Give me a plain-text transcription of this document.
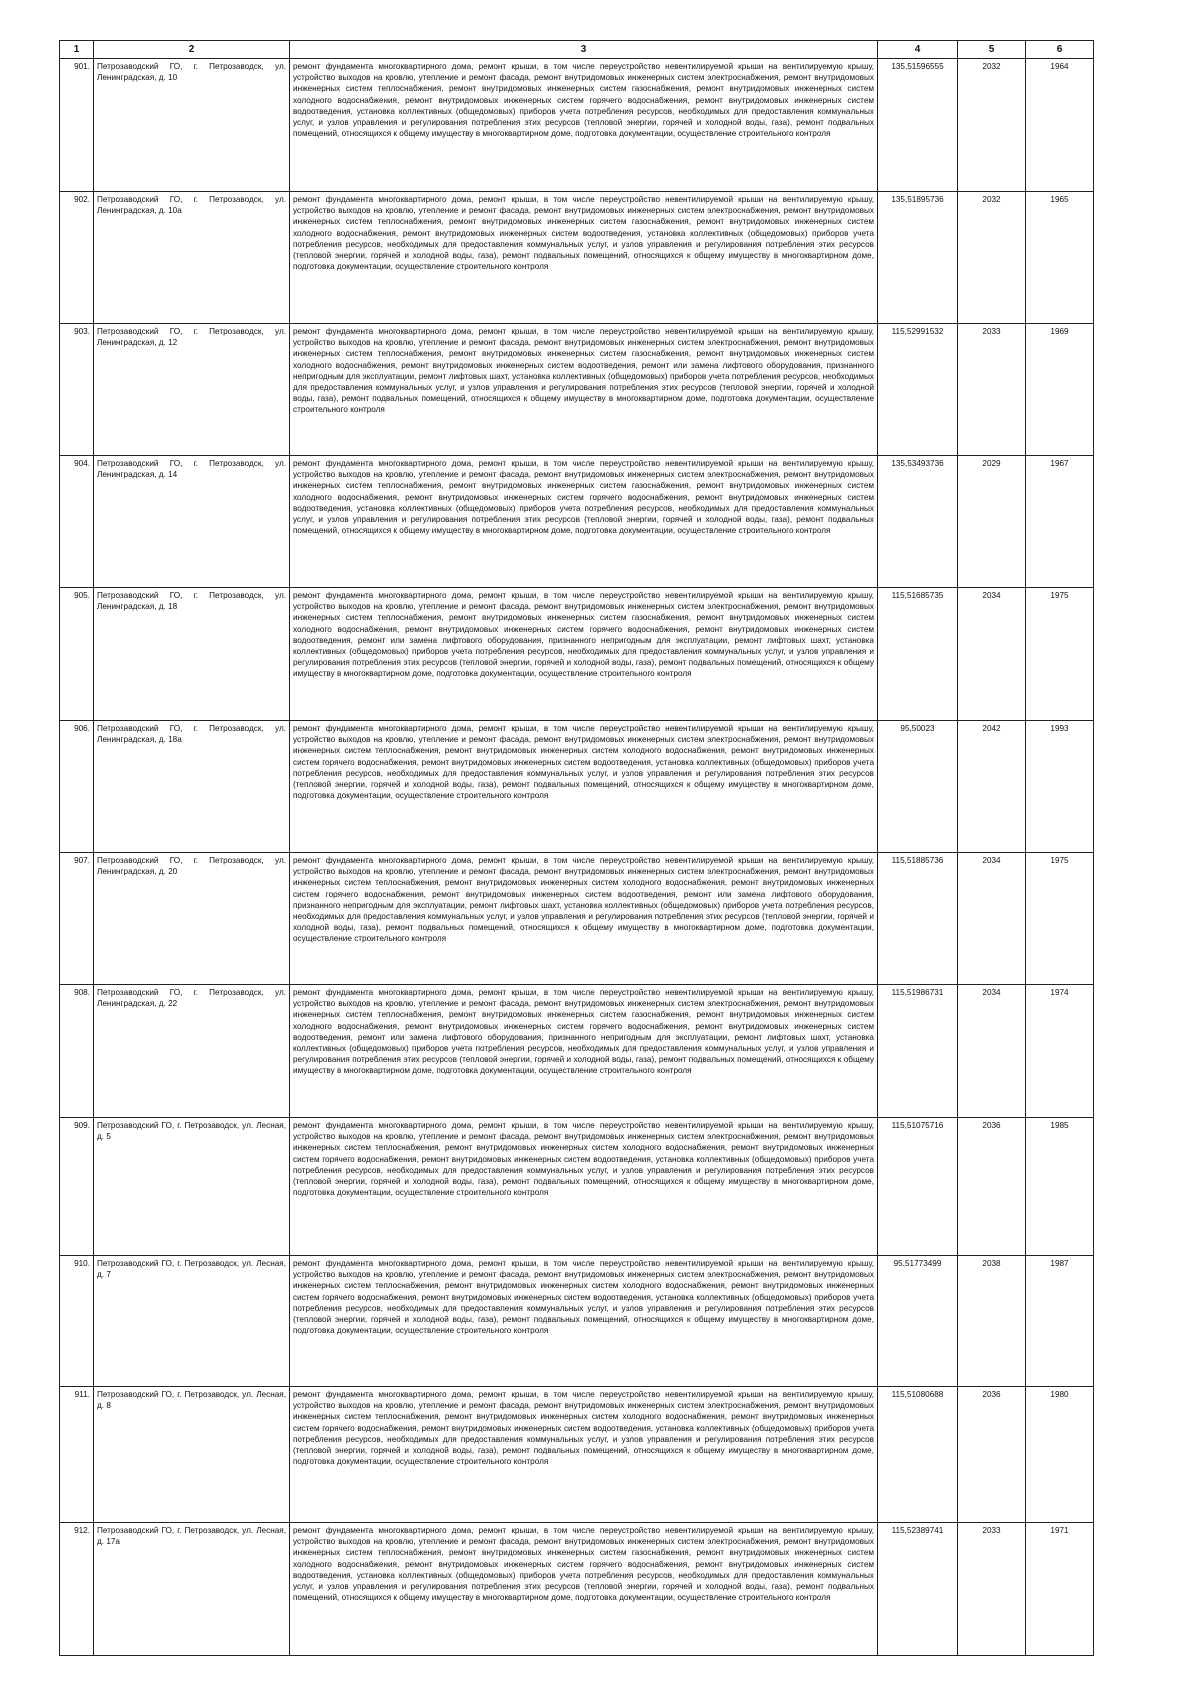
1	2	3	4	5	6
901.	Петрозаводский ГО, г. Петрозаводск, ул. Ленинградская, д. 10	ремонт фундамента многоквартирного дома, ремонт крыши, в том числе переустройство невентилируемой крыши на вентилируемую крышу, устройство выходов на кровлю, утепление и ремонт фасада, ремонт внутридомовых инженерных систем электроснабжения, ремонт внутридомовых инженерных систем теплоснабжения, ремонт внутридомовых инженерных систем газоснабжения, ремонт внутридомовых инженерных систем холодного водоснабжения, ремонт внутридомовых инженерных систем горячего водоснабжения, ремонт внутридомовых инженерных систем водоотведения, установка коллективных (общедомовых) приборов учета потребления ресурсов, необходимых для предоставления коммунальных услуг, и узлов управления и регулирования потребления этих ресурсов (тепловой энергии, горячей и холодной воды, газа), ремонт подвальных помещений, относящихся к общему имуществу в многоквартирном доме, подготовка документации, осуществление строительного контроля	135,51596555	2032	1964
902.	Петрозаводский ГО, г. Петрозаводск, ул. Ленинградская, д. 10а	ремонт фундамента многоквартирного дома, ремонт крыши, в том числе переустройство невентилируемой крыши на вентилируемую крышу, устройство выходов на кровлю, утепление и ремонт фасада, ремонт внутридомовых инженерных систем электроснабжения, ремонт внутридомовых инженерных систем теплоснабжения, ремонт внутридомовых инженерных систем газоснабжения, ремонт внутридомовых инженерных систем холодного водоснабжения, ремонт внутридомовых инженерных систем водоотведения, установка коллективных (общедомовых) приборов учета потребления ресурсов, необходимых для предоставления коммунальных услуг, и узлов управления и регулирования потребления этих ресурсов (тепловой энергии, горячей и холодной воды, газа), ремонт подвальных помещений, относящихся к общему имуществу в многоквартирном доме, подготовка документации, осуществление строительного контроля	135,51895736	2032	1965
903.	Петрозаводский ГО, г. Петрозаводск, ул. Ленинградская, д. 12	ремонт фундамента многоквартирного дома, ремонт крыши, в том числе переустройство невентилируемой крыши на вентилируемую крышу, устройство выходов на кровлю, утепление и ремонт фасада, ремонт внутридомовых инженерных систем электроснабжения, ремонт внутридомовых инженерных систем теплоснабжения, ремонт внутридомовых инженерных систем газоснабжения, ремонт внутридомовых инженерных систем холодного водоснабжения, ремонт внутридомовых инженерных систем водоотведения, ремонт или замена лифтового оборудования, признанного непригодным для эксплуатации, ремонт лифтовых шахт, установка коллективных (общедомовых) приборов учета потребления ресурсов, необходимых для предоставления коммунальных услуг, и узлов управления и регулирования потребления этих ресурсов (тепловой энергии, горячей и холодной воды, газа), ремонт подвальных помещений, относящихся к общему имуществу в многоквартирном доме, подготовка документации, осуществление строительного контроля	115,52991532	2033	1969
904.	Петрозаводский ГО, г. Петрозаводск, ул. Ленинградская, д. 14	ремонт фундамента многоквартирного дома, ремонт крыши, в том числе переустройство невентилируемой крыши на вентилируемую крышу, устройство выходов на кровлю, утепление и ремонт фасада, ремонт внутридомовых инженерных систем электроснабжения, ремонт внутридомовых инженерных систем теплоснабжения, ремонт внутридомовых инженерных систем газоснабжения, ремонт внутридомовых инженерных систем холодного водоснабжения, ремонт внутридомовых инженерных систем горячего водоснабжения, ремонт внутридомовых инженерных систем водоотведения, установка коллективных (общедомовых) приборов учета потребления ресурсов, необходимых для предоставления коммунальных услуг, и узлов управления и регулирования потребления этих ресурсов (тепловой энергии, горячей и холодной воды, газа), ремонт подвальных помещений, относящихся к общему имуществу в многоквартирном доме, подготовка документации, осуществление строительного контроля	135,53493736	2029	1967
905.	Петрозаводский ГО, г. Петрозаводск, ул. Ленинградская, д. 18	ремонт фундамента многоквартирного дома, ремонт крыши, в том числе переустройство невентилируемой крыши на вентилируемую крышу, устройство выходов на кровлю, утепление и ремонт фасада, ремонт внутридомовых инженерных систем электроснабжения, ремонт внутридомовых инженерных систем теплоснабжения, ремонт внутридомовых инженерных систем газоснабжения, ремонт внутридомовых инженерных систем холодного водоснабжения, ремонт внутридомовых инженерных систем горячего водоснабжения, ремонт внутридомовых инженерных систем водоотведения, ремонт или замена лифтового оборудования, признанного непригодным для эксплуатации, ремонт лифтовых шахт, установка коллективных (общедомовых) приборов учета потребления ресурсов, необходимых для предоставления коммунальных услуг, и узлов управления и регулирования потребления этих ресурсов (тепловой энергии, горячей и холодной воды, газа), ремонт подвальных помещений, относящихся к общему имуществу в многоквартирном доме, подготовка документации, осуществление строительного контроля	115,51685735	2034	1975
906.	Петрозаводский ГО, г. Петрозаводск, ул. Ленинградская, д. 18а	ремонт фундамента многоквартирного дома, ремонт крыши, в том числе переустройство невентилируемой крыши на вентилируемую крышу, устройство выходов на кровлю, утепление и ремонт фасада, ремонт внутридомовых инженерных систем электроснабжения, ремонт внутридомовых инженерных систем теплоснабжения, ремонт внутридомовых инженерных систем холодного водоснабжения, ремонт внутридомовых инженерных систем горячего водоснабжения, ремонт внутридомовых инженерных систем водоотведения, установка коллективных (общедомовых) приборов учета потребления ресурсов, необходимых для предоставления коммунальных услуг, и узлов управления и регулирования потребления этих ресурсов (тепловой энергии, горячей и холодной воды, газа), ремонт подвальных помещений, относящихся к общему имуществу в многоквартирном доме, подготовка документации, осуществление строительного контроля	95,50023	2042	1993
907.	Петрозаводский ГО, г. Петрозаводск, ул. Ленинградская, д. 20	ремонт фундамента многоквартирного дома, ремонт крыши, в том числе переустройство невентилируемой крыши на вентилируемую крышу, устройство выходов на кровлю, утепление и ремонт фасада, ремонт внутридомовых инженерных систем электроснабжения, ремонт внутридомовых инженерных систем теплоснабжения, ремонт внутридомовых инженерных систем холодного водоснабжения, ремонт внутридомовых инженерных систем горячего водоснабжения, ремонт внутридомовых инженерных систем водоотведения, ремонт или замена лифтового оборудования, признанного непригодным для эксплуатации, ремонт лифтовых шахт, установка коллективных (общедомовых) приборов учета потребления ресурсов, необходимых для предоставления коммунальных услуг, и узлов управления и регулирования потребления этих ресурсов (тепловой энергии, горячей и холодной воды, газа), ремонт подвальных помещений, относящихся к общему имуществу в многоквартирном доме, подготовка документации, осуществление строительного контроля	115,51885736	2034	1975
908.	Петрозаводский ГО, г. Петрозаводск, ул. Ленинградская, д. 22	ремонт фундамента многоквартирного дома, ремонт крыши, в том числе переустройство невентилируемой крыши на вентилируемую крышу, устройство выходов на кровлю, утепление и ремонт фасада, ремонт внутридомовых инженерных систем электроснабжения, ремонт внутридомовых инженерных систем теплоснабжения, ремонт внутридомовых инженерных систем газоснабжения, ремонт внутридомовых инженерных систем холодного водоснабжения, ремонт внутридомовых инженерных систем горячего водоснабжения, ремонт внутридомовых инженерных систем водоотведения, ремонт или замена лифтового оборудования, признанного непригодным для эксплуатации, ремонт лифтовых шахт, установка коллективных (общедомовых) приборов учета потребления ресурсов, необходимых для предоставления коммунальных услуг, и узлов управления и регулирования потребления этих ресурсов (тепловой энергии, горячей и холодной воды, газа), ремонт подвальных помещений, относящихся к общему имуществу в многоквартирном доме, подготовка документации, осуществление строительного контроля	115,51986731	2034	1974
909.	Петрозаводский ГО, г. Петрозаводск, ул. Лесная, д. 5	ремонт фундамента многоквартирного дома, ремонт крыши, в том числе переустройство невентилируемой крыши на вентилируемую крышу, устройство выходов на кровлю, утепление и ремонт фасада, ремонт внутридомовых инженерных систем электроснабжения, ремонт внутридомовых инженерных систем теплоснабжения, ремонт внутридомовых инженерных систем холодного водоснабжения, ремонт внутридомовых инженерных систем горячего водоснабжения, ремонт внутридомовых инженерных систем водоотведения, установка коллективных (общедомовых) приборов учета потребления ресурсов, необходимых для предоставления коммунальных услуг, и узлов управления и регулирования потребления этих ресурсов (тепловой энергии, горячей и холодной воды, газа), ремонт подвальных помещений, относящихся к общему имуществу в многоквартирном доме, подготовка документации, осуществление строительного контроля	115,51075716	2036	1985
910.	Петрозаводский ГО, г. Петрозаводск, ул. Лесная, д. 7	ремонт фундамента многоквартирного дома, ремонт крыши, в том числе переустройство невентилируемой крыши на вентилируемую крышу, устройство выходов на кровлю, утепление и ремонт фасада, ремонт внутридомовых инженерных систем электроснабжения, ремонт внутридомовых инженерных систем теплоснабжения, ремонт внутридомовых инженерных систем холодного водоснабжения, ремонт внутридомовых инженерных систем горячего водоснабжения, ремонт внутридомовых инженерных систем водоотведения, установка коллективных (общедомовых) приборов учета потребления ресурсов, необходимых для предоставления коммунальных услуг, и узлов управления и регулирования потребления этих ресурсов (тепловой энергии, горячей и холодной воды, газа), ремонт подвальных помещений, относящихся к общему имуществу в многоквартирном доме, подготовка документации, осуществление строительного контроля	95,51773499	2038	1987
911.	Петрозаводский ГО, г. Петрозаводск, ул. Лесная, д. 8	ремонт фундамента многоквартирного дома, ремонт крыши, в том числе переустройство невентилируемой крыши на вентилируемую крышу, устройство выходов на кровлю, утепление и ремонт фасада, ремонт внутридомовых инженерных систем электроснабжения, ремонт внутридомовых инженерных систем теплоснабжения, ремонт внутридомовых инженерных систем холодного водоснабжения, ремонт внутридомовых инженерных систем горячего водоснабжения, ремонт внутридомовых инженерных систем водоотведения, установка коллективных (общедомовых) приборов учета потребления ресурсов, необходимых для предоставления коммунальных услуг, и узлов управления и регулирования потребления этих ресурсов (тепловой энергии, горячей и холодной воды, газа), ремонт подвальных помещений, относящихся к общему имуществу в многоквартирном доме, подготовка документации, осуществление строительного контроля	115,51080688	2036	1980
912.	Петрозаводский ГО, г. Петрозаводск, ул. Лесная, д. 17а	ремонт фундамента многоквартирного дома, ремонт крыши, в том числе переустройство невентилируемой крыши на вентилируемую крышу, устройство выходов на кровлю, утепление и ремонт фасада, ремонт внутридомовых инженерных систем электроснабжения, ремонт внутридомовых инженерных систем теплоснабжения, ремонт внутридомовых инженерных систем газоснабжения, ремонт внутридомовых инженерных систем холодного водоснабжения, ремонт внутридомовых инженерных систем горячего водоснабжения, ремонт внутридомовых инженерных систем водоотведения, установка коллективных (общедомовых) приборов учета потребления ресурсов, необходимых для предоставления коммунальных услуг, и узлов управления и регулирования потребления этих ресурсов (тепловой энергии, горячей и холодной воды, газа), ремонт подвальных помещений, относящихся к общему имуществу в многоквартирном доме, подготовка документации, осуществление строительного контроля	115,52389741	2033	1971
